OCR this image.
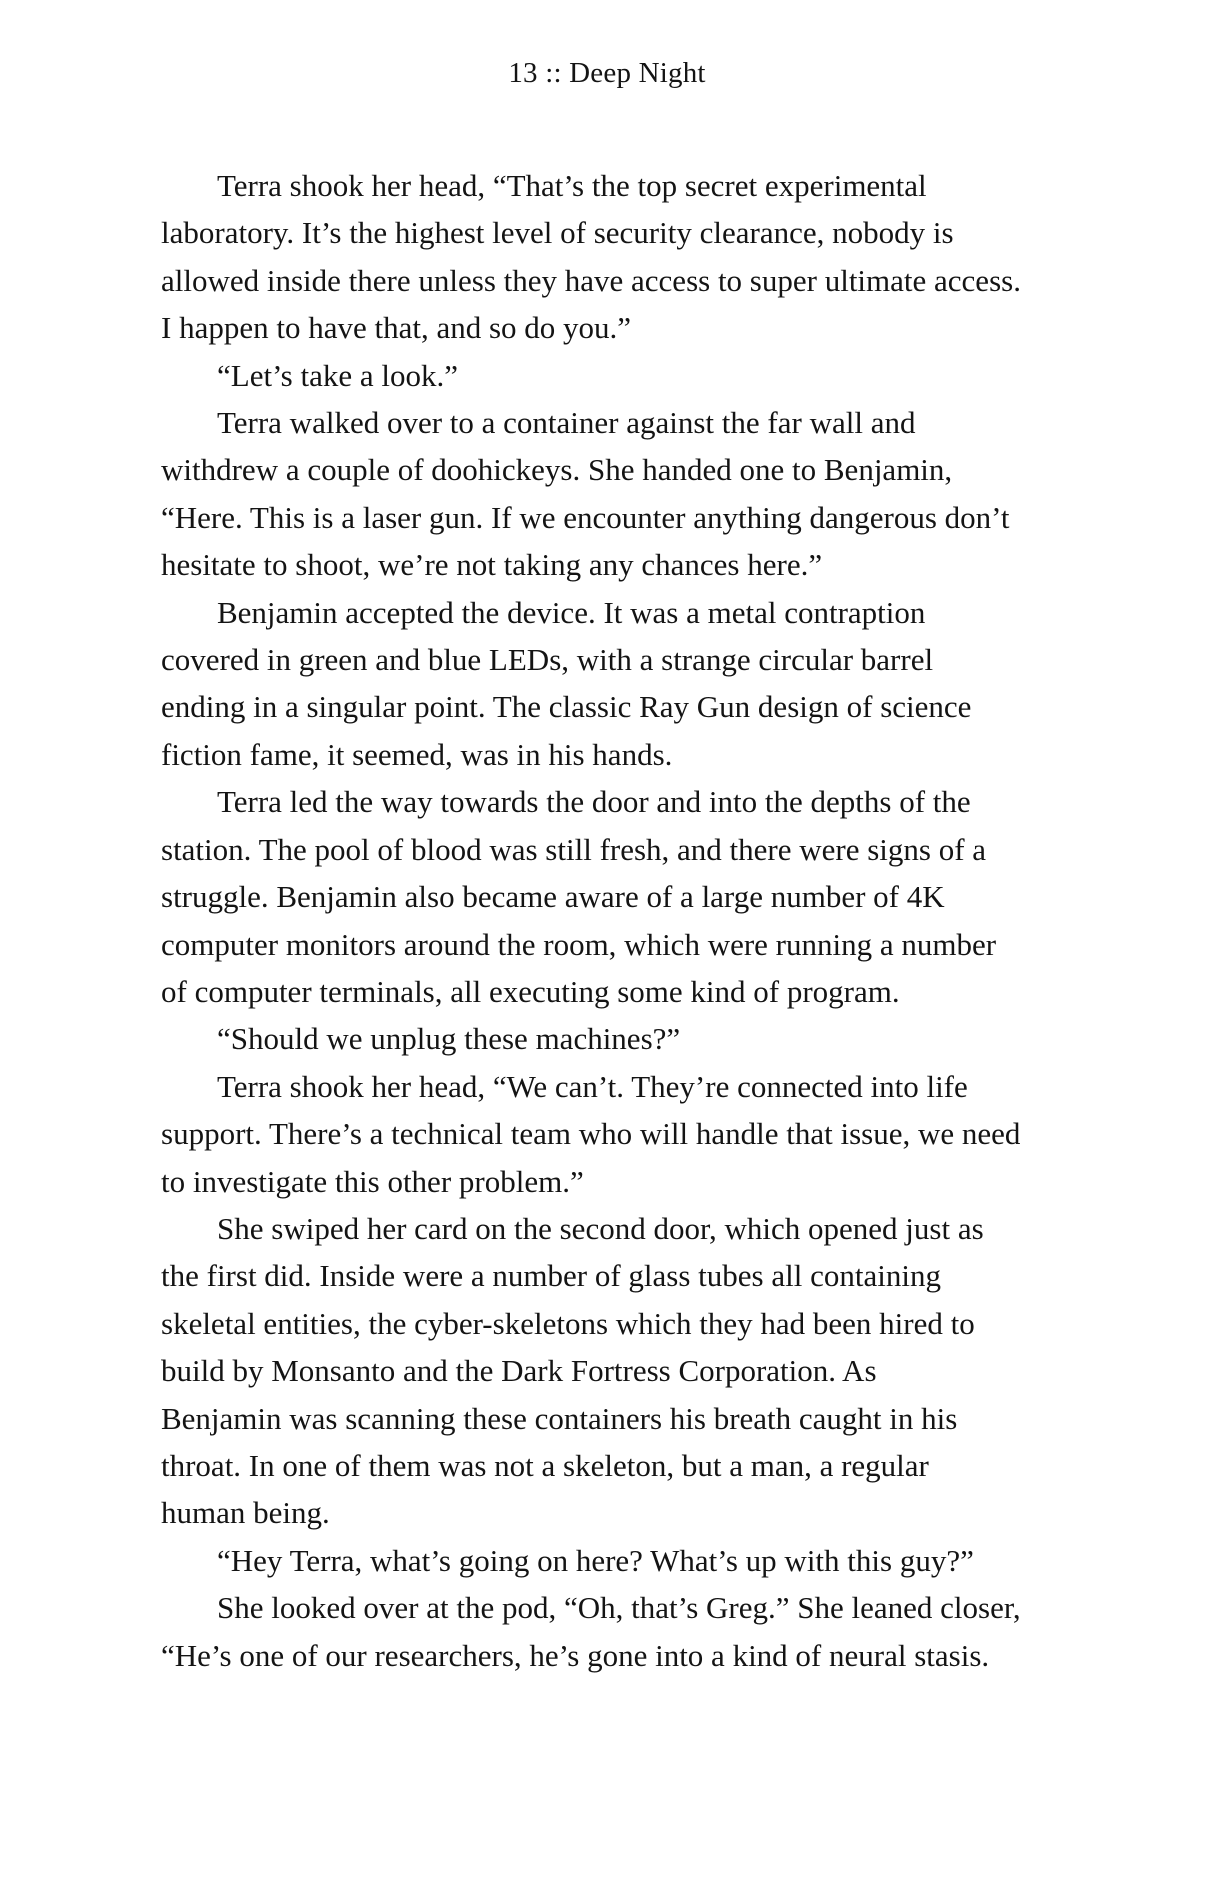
13 :: Deep Night

Terra shook her head, “That’s the top secret experimental
laboratory. It’s the highest level of security clearance, nobody is
allowed inside there unless they have access to super ultimate access.
I happen to have that, and so do you.”

“Let’s take a look.”

Terra walked over to a container against the far wall and
withdrew a couple of doohickeys. She handed one to Benjamin,
“Here. This is a laser gun. If we encounter anything dangerous don’t
hesitate to shoot, we’re not taking any chances here.”

Benjamin accepted the device. It was a metal contraption
covered in green and blue LEDs, with a strange circular barrel
ending in a singular point. The classic Ray Gun design of science
fiction fame, it seemed, was in his hands.

Terra led the way towards the door and into the depths of the
station. The pool of blood was still fresh, and there were signs of a
struggle. Benjamin also became aware of a large number of 4K
computer monitors around the room, which were running a number
of computer terminals, all executing some kind of program.

“Should we unplug these machines?”

Terra shook her head, “We can’t. They’re connected into life
support. There’s a technical team who will handle that issue, we need
to investigate this other problem.”

She swiped her card on the second door, which opened just as
the first did. Inside were a number of glass tubes all containing
skeletal entities, the cyber-skeletons which they had been hired to
build by Monsanto and the Dark Fortress Corporation. As
Benjamin was scanning these containers his breath caught in his
throat. In one of them was not a skeleton, but a man, a regular
human being.

“Hey Terra, what’s going on here? What’s up with this guy?”

She looked over at the pod, “Oh, that’s Greg.” She leaned closer,
“He’s one of our researchers, he’s gone into a kind of neural stasis.
